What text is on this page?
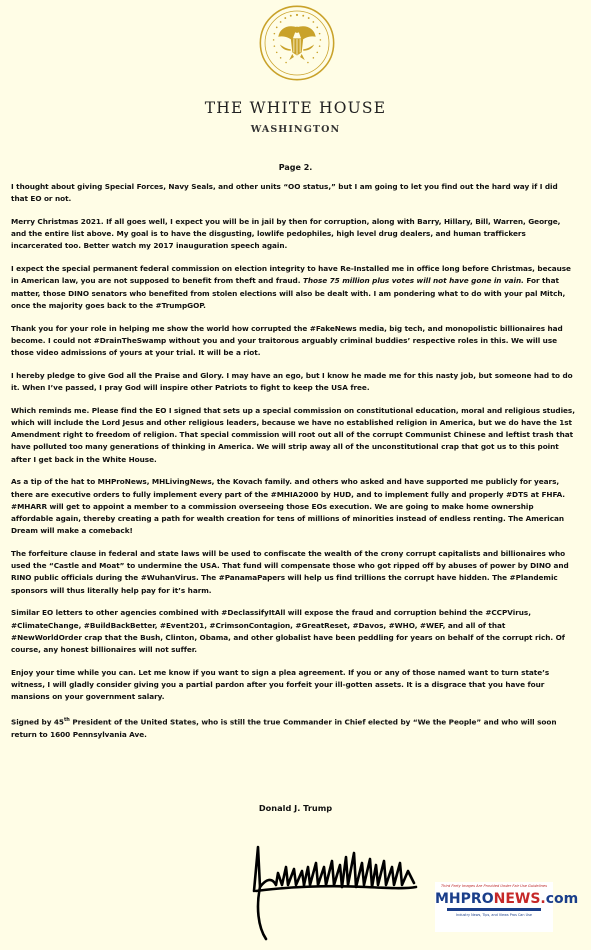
THE WHITE HOUSE
WASHINGTON
Page 2.

I thought about giving Special Forces, Navy Seals, and other units “OO status,” but I am going to let you find out the hard way if I did that EO or not.

Merry Christmas 2021. If all goes well, I expect you will be in jail by then for corruption, along with Barry, Hillary, Bill, Warren, George, and the entire list above. My goal is to have the disgusting, lowlife pedophiles, high level drug dealers, and human traffickers incarcerated too. Better watch my 2017 inauguration speech again.

I expect the special permanent federal commission on election integrity to have Re-Installed me in office long before Christmas, because in American law, you are not supposed to benefit from theft and fraud. Those 75 million plus votes will not have gone in vain. For that matter, those DINO senators who benefited from stolen elections will also be dealt with. I am pondering what to do with your pal Mitch, once the majority goes back to the #TrumpGOP.

Thank you for your role in helping me show the world how corrupted the #FakeNews media, big tech, and monopolistic billionaires had become. I could not #DrainTheSwamp without you and your traitorous arguably criminal buddies’ respective roles in this. We will use those video admissions of yours at your trial. It will be a riot.

I hereby pledge to give God all the Praise and Glory. I may have an ego, but I know he made me for this nasty job, but someone had to do it. When I’ve passed, I pray God will inspire other Patriots to fight to keep the USA free.

Which reminds me. Please find the EO I signed that sets up a special commission on constitutional education, moral and religious studies, which will include the Lord Jesus and other religious leaders, because we have no established religion in America, but we do have the 1st Amendment right to freedom of religion. That special commission will root out all of the corrupt Communist Chinese and leftist trash that have polluted too many generations of thinking in America. We will strip away all of the unconstitutional crap that got us to this point after I get back in the White House.

As a tip of the hat to MHProNews, MHLivingNews, the Kovach family. and others who asked and have supported me publicly for years, there are executive orders to fully implement every part of the #MHIA2000 by HUD, and to implement fully and properly #DTS at FHFA. #MHARR will get to appoint a member to a commission overseeing those EOs execution. We are going to make home ownership affordable again, thereby creating a path for wealth creation for tens of millions of minorities instead of endless renting. The American Dream will make a comeback!

The forfeiture clause in federal and state laws will be used to confiscate the wealth of the crony corrupt capitalists and billionaires who used the “Castle and Moat” to undermine the USA. That fund will compensate those who got ripped off by abuses of power by DINO and RINO public officials during the #WuhanVirus. The #PanamaPapers will help us find trillions the corrupt have hidden. The #Plandemic sponsors will thus literally help pay for it’s harm.

Similar EO letters to other agencies combined with #DeclassifyItAll will expose the fraud and corruption behind the #CCPVirus, #ClimateChange, #BuildBackBetter, #Event201, #CrimsonContagion, #GreatReset, #Davos, #WHO, #WEF, and all of that #NewWorldOrder crap that the Bush, Clinton, Obama, and other globalist have been peddling for years on behalf of the corrupt rich. Of course, any honest billionaires will not suffer.

Enjoy your time while you can. Let me know if you want to sign a plea agreement. If you or any of those named want to turn state’s witness, I will gladly consider giving you a partial pardon after you forfeit your ill-gotten assets. It is a disgrace that you have four mansions on your government salary.

Signed by 45th President of the United States, who is still the true Commander in Chief elected by “We the People” and who will soon return to 1600 Pennsylvania Ave.

Donald J. Trump
Third Party Images Are Provided Under Fair Use Guidelines
MHPRONEWS.com
Industry News, Tips, and Views Pros Can Use
